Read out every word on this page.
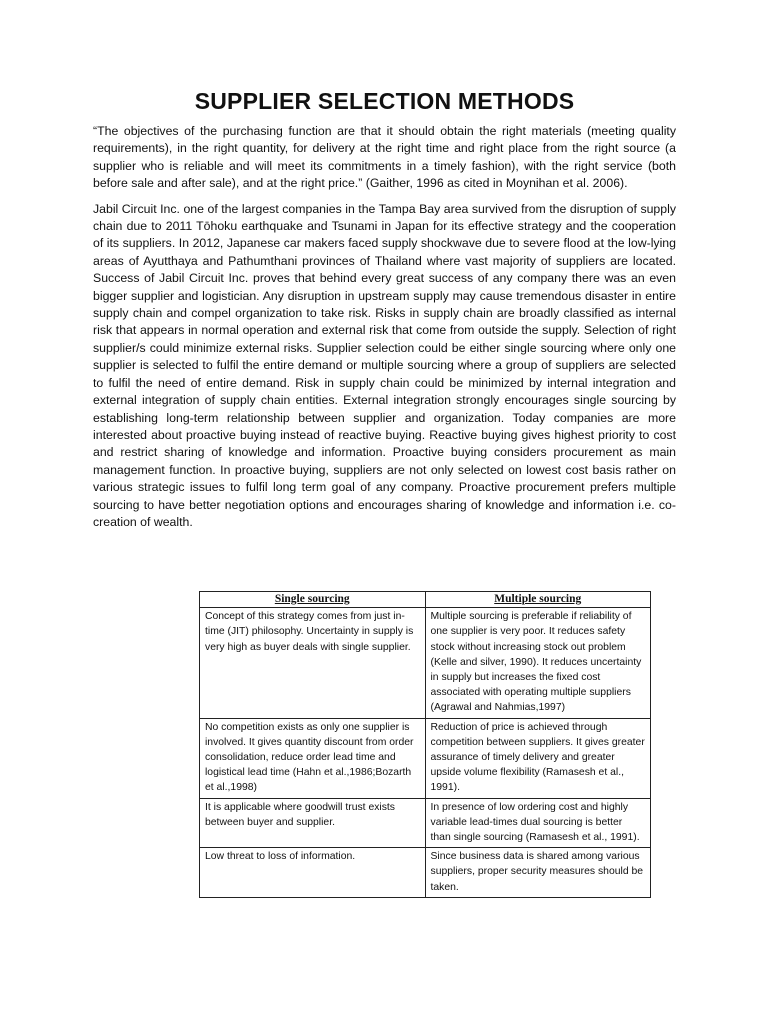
SUPPLIER SELECTION METHODS

“The objectives of the purchasing function are that it should obtain the right materials (meeting quality requirements), in the right quantity, for delivery at the right time and right place from the right source (a supplier who is reliable and will meet its commitments in a timely fashion), with the right service (both before sale and after sale), and at the right price.” (Gaither, 1996 as cited in Moynihan et al. 2006).

Jabil Circuit Inc. one of the largest companies in the Tampa Bay area survived from the disruption of supply chain due to 2011 Tōhoku earthquake and Tsunami in Japan for its effective strategy and the cooperation of its suppliers. In 2012, Japanese car makers faced supply shockwave due to severe flood at the low-lying areas of Ayutthaya and Pathumthani provinces of Thailand where vast majority of suppliers are located. Success of Jabil Circuit Inc. proves that behind every great success of any company there was an even bigger supplier and logistician. Any disruption in upstream supply may cause tremendous disaster in entire supply chain and compel organization to take risk. Risks in supply chain are broadly classified as internal risk that appears in normal operation and external risk that come from outside the supply. Selection of right supplier/s could minimize external risks. Supplier selection could be either single sourcing where only one supplier is selected to fulfil the entire demand or multiple sourcing where a group of suppliers are selected to fulfil the need of entire demand. Risk in supply chain could be minimized by internal integration and external integration of supply chain entities. External integration strongly encourages single sourcing by establishing long-term relationship between supplier and organization. Today companies are more interested about proactive buying instead of reactive buying. Reactive buying gives highest priority to cost and restrict sharing of knowledge and information. Proactive buying considers procurement as main management function. In proactive buying, suppliers are not only selected on lowest cost basis rather on various strategic issues to fulfil long term goal of any company. Proactive procurement prefers multiple sourcing to have better negotiation options and encourages sharing of knowledge and information i.e. co-creation of wealth.

Single sourcing	Multiple sourcing
Concept of this strategy comes from just in-time (JIT) philosophy. Uncertainty in supply is very high as buyer deals with single supplier.	Multiple sourcing is preferable if reliability of one supplier is very poor. It reduces safety stock without increasing stock out problem (Kelle and silver, 1990). It reduces uncertainty in supply but increases the fixed cost associated with operating multiple suppliers (Agrawal and Nahmias,1997)
No competition exists as only one supplier is involved. It gives quantity discount from order consolidation, reduce order lead time and logistical lead time (Hahn et al.,1986;Bozarth et al.,1998)	Reduction of price is achieved through competition between suppliers. It gives greater assurance of timely delivery and greater upside volume flexibility (Ramasesh et al., 1991).
It is applicable where goodwill trust exists between buyer and supplier.	In presence of low ordering cost and highly variable lead-times dual sourcing is better than single sourcing (Ramasesh et al., 1991).
Low threat to loss of information.	Since business data is shared among various suppliers, proper security measures should be taken.
